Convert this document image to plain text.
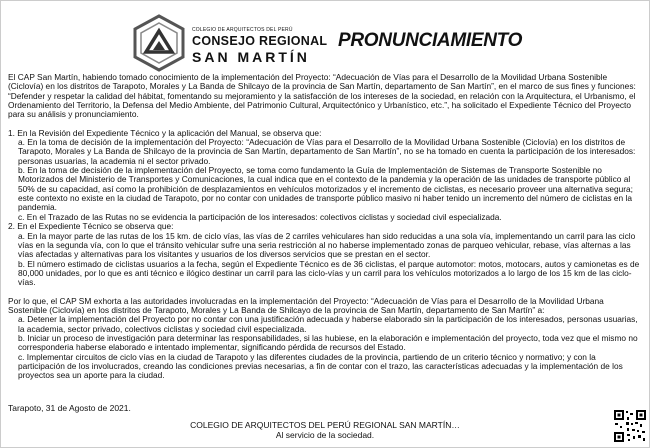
COLEGIO DE ARQUITECTOS DEL PERÚ
CONSEJO REGIONAL
SAN MARTÍN
PRONUNCIAMIENTO

El CAP San Martín, habiendo tomado conocimiento de la implementación del Proyecto: “Adecuación de Vías para el Desarrollo de la Movilidad Urbana Sostenible (Ciclovía) en los distritos de Tarapoto, Morales y La Banda de Shilcayo de la provincia de San Martín, departamento de San Martín”, en el marco de sus fines y funciones: “Defender y respetar la calidad del hábitat, fomentando su mejoramiento y la satisfacción de los intereses de la sociedad, en relación con la Arquitectura, el Urbanismo, el Ordenamiento del Territorio, la Defensa del Medio Ambiente, del Patrimonio Cultural, Arquitectónico y Urbanístico, etc.”, ha solicitado el Expediente Técnico del Proyecto para su análisis y pronunciamiento.

1. En la Revisión del Expediente Técnico y la aplicación del Manual, se observa que:

a. En la toma de decisión de la implementación del Proyecto: “Adecuación de Vías para el Desarrollo de la Movilidad Urbana Sostenible (Ciclovía) en los distritos de Tarapoto, Morales y La Banda de Shilcayo de la provincia de San Martín, departamento de San Martín”, no se ha tomado en cuenta la participación de los interesados: personas usuarias, la academia ni el sector privado.

b. En la toma de decisión de la implementación del Proyecto, se toma como fundamento la Guía de Implementación de Sistemas de Transporte Sostenible no Motorizados del Ministerio de Transportes y Comunicaciones, la cual indica que en el contexto de la pandemia y la operación de las unidades de transporte público al 50% de su capacidad, así como la prohibición de desplazamientos en vehículos motorizados y el incremento de ciclistas, es necesario proveer una alternativa segura; este contexto no existe en la ciudad de Tarapoto, por no contar con unidades de transporte público masivo ni haber tenido un incremento del número de ciclistas en la pandemia.

c. En el Trazado de las Rutas no se evidencia la participación de los interesados: colectivos ciclistas y sociedad civil especializada.

2. En el Expediente Técnico se observa que:

a. En la mayor parte de las rutas de los 15 km. de ciclo vías, las vías de 2 carriles vehiculares han sido reducidas a una sola vía, implementando un carril para las ciclo vías en la segunda vía, con lo que el tránsito vehicular sufre una seria restricción al no haberse implementado zonas de parqueo vehicular, rebase, vías alternas a las vías afectadas y alternativas para los visitantes y usuarios de los diversos servicios que se prestan en el sector.

b. El número estimado de ciclistas usuarios a la fecha, según el Expediente Técnico es de 36 ciclistas, el parque automotor: motos, motocars, autos y camionetas es de 80,000 unidades, por lo que es anti técnico e ilógico destinar un carril para las ciclo-vías y un carril para los vehículos motorizados a lo largo de los 15 km de las ciclo-vías.

Por lo que, el CAP SM exhorta a las autoridades involucradas en la implementación del Proyecto: “Adecuación de Vías para el Desarrollo de la Movilidad Urbana Sostenible (Ciclovía) en los distritos de Tarapoto, Morales y La Banda de Shilcayo de la provincia de San Martín, departamento de San Martín” a:

a. Detener la implementación del Proyecto por no contar con una justificación adecuada y haberse elaborado sin la participación de los interesados, personas usuarias, la academia, sector privado, colectivos ciclistas y sociedad civil especializada.

b. Iniciar un proceso de investigación para determinar las responsabilidades, si las hubiese, en la elaboración e implementación del proyecto, toda vez que el mismo no corresponderia haberse elaborado e intentado implementar, significando pérdida de recursos del Estado.

c. Implementar circuitos de ciclo vías en la ciudad de Tarapoto y las diferentes ciudades de la provincia, partiendo de un criterio técnico y normativo; y con la participación de los involucrados, creando las condiciones previas necesarias, a fin de contar con el trazo, las características adecuadas y la implementación de los proyectos sea un aporte para la ciudad.

Tarapoto, 31 de Agosto de 2021.
COLEGIO DE ARQUITECTOS DEL PERÚ REGIONAL SAN MARTÍN…
Al servicio de la sociedad.
